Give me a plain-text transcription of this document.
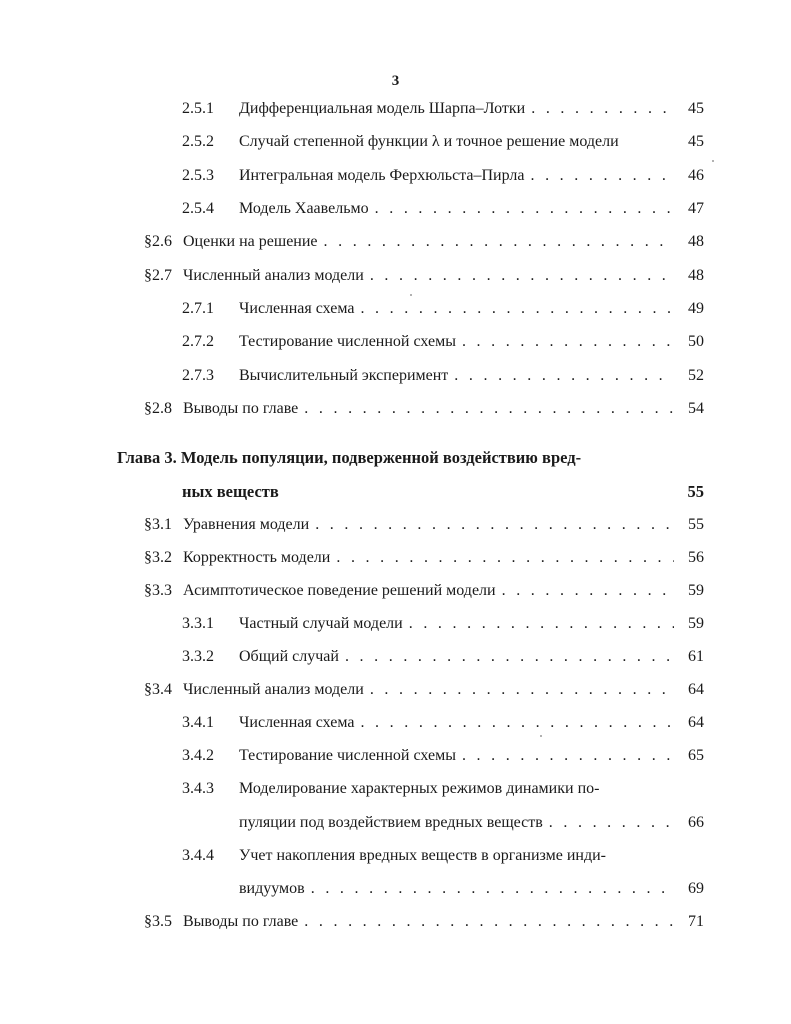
3
2.5.1	Дифференциальная модель Шарпа–Лотки . . .	45
2.5.2	Случай степенной функции λ и точное решение модели	45
2.5.3	Интегральная модель Ферхюльста–Пирла . . .	46
2.5.4	Модель Хаавельмо . . .	47
§2.6 Оценки на решение . . .	48
§2.7 Численный анализ модели . . .	48
2.7.1	Численная схема . . .	49
2.7.2	Тестирование численной схемы . . .	50
2.7.3	Вычислительный эксперимент . . .	52
§2.8 Выводы по главе . . .	54
Глава 3. Модель популяции, подверженной воздействию вред-
ных веществ	55
§3.1 Уравнения модели . . .	55
§3.2 Корректность модели . . .	56
§3.3 Асимптотическое поведение решений модели . . .	59
3.3.1	Частный случай модели . . .	59
3.3.2	Общий случай . . .	61
§3.4 Численный анализ модели . . .	64
3.4.1	Численная схема . . .	64
3.4.2	Тестирование численной схемы . . .	65
3.4.3	Моделирование характерных режимов динамики по-
пуляции под воздействием вредных веществ . . .	66
3.4.4	Учет накопления вредных веществ в организме инди-
видуумов . . .	69
§3.5 Выводы по главе . . .	71
